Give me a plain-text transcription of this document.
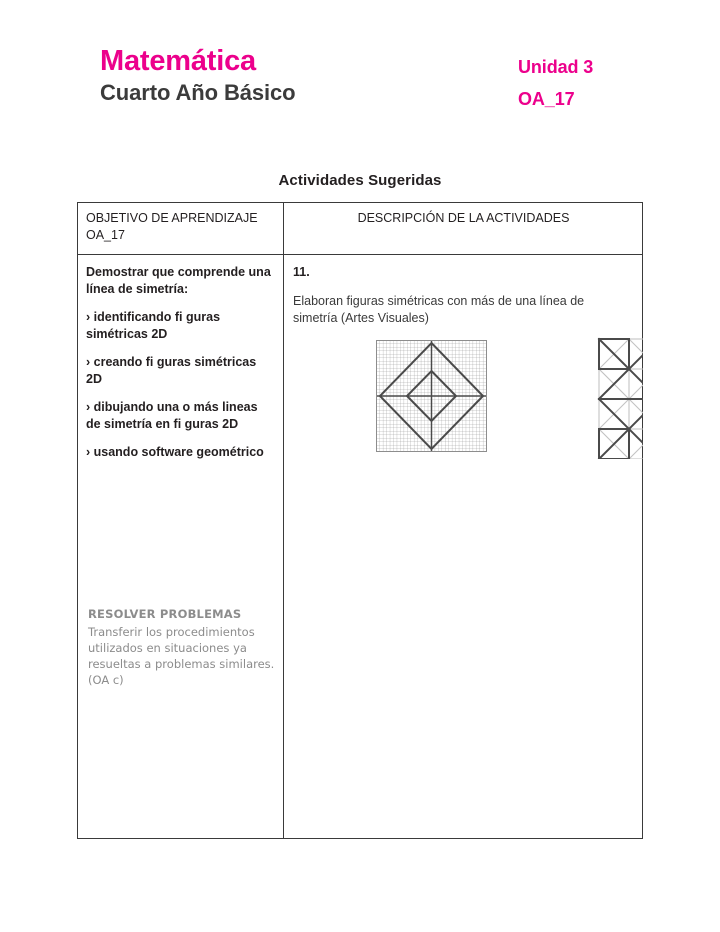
Matemática
Cuarto Año Básico
Unidad 3
OA_17
Actividades Sugeridas
OBJETIVO DE APRENDIZAJE OA_17
DESCRIPCIÓN DE LA ACTIVIDADES

Demostrar que comprende una línea de simetría:

› identificando fi guras simétricas 2D

› creando fi guras simétricas 2D

› dibujando una o más lineas de simetría en fi guras 2D

› usando software geométrico

RESOLVER PROBLEMAS

Transferir los procedimientos utilizados en situaciones ya resueltas a problemas similares. (OA c)

11.

Elaboran figuras simétricas con más de una línea de simetría (Artes Visuales)
